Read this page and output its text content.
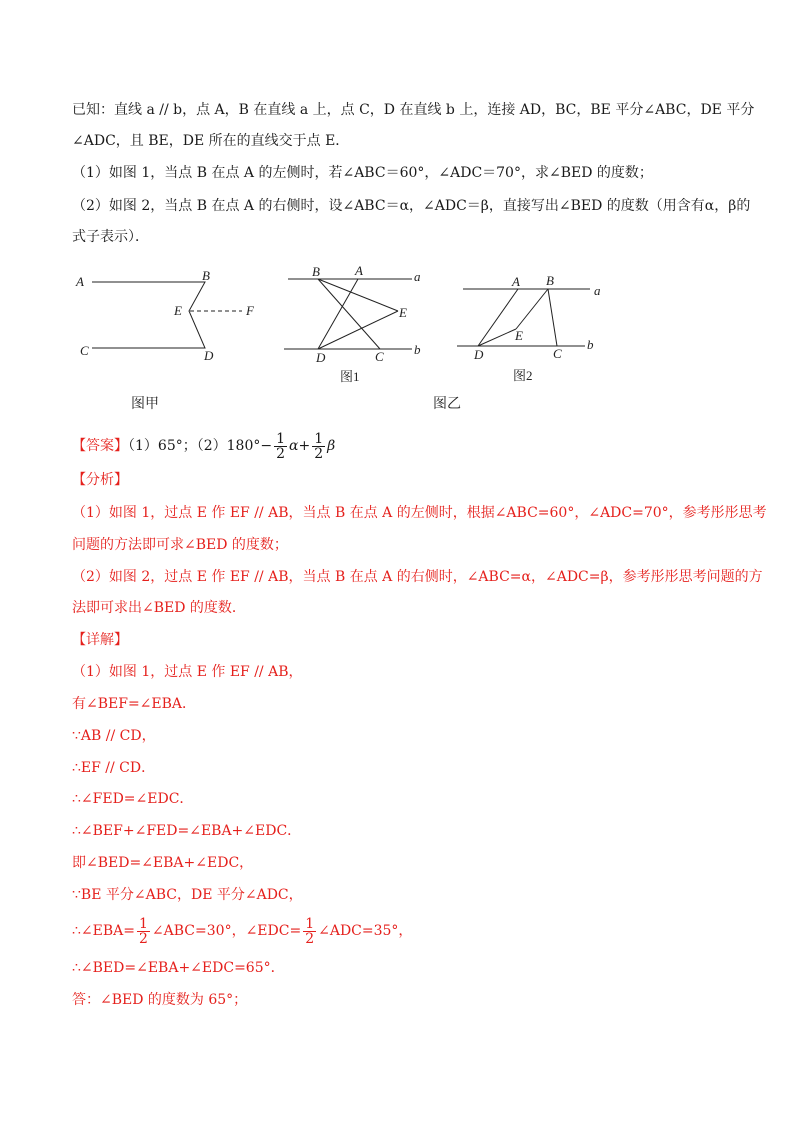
已知：直线 a // b，点 A，B 在直线 a 上，点 C，D 在直线 b 上，连接 AD，BC，BE 平分∠ABC，DE 平分
∠ADC，且 BE，DE 所在的直线交于点 E．
（1）如图 1，当点 B 在点 A 的左侧时，若∠ABC＝60°，∠ADC＝70°，求∠BED 的度数；
（2）如图 2，当点 B 在点 A 的右侧时，设∠ABC＝α，∠ADC＝β，直接写出∠BED 的度数（用含有α，β的
式子表示）．
A	B
E	F
C	D
B	A	a
E
D	C b
图1
A B
a
E
D	C
b
图2
图甲	图乙
【答案】（1）65°；$(2)180^\circ- \frac{1}{2} \alpha+ \frac{1}{2}$ β
【分析】
（1）如图 1，过点 E 作 EF // AB，当点 B 在点 A 的左侧时，根据∠ABC=60°，∠ADC=70°，参考彤彤思考
问题的方法即可求∠BED 的度数；
（2）如图 2，过点 E 作 EF // AB，当点 B 在点 A 的右侧时，∠ABC=α，∠ADC=β，参考彤彤思考问题的方
法即可求出∠BED 的度数．
【详解】
（1）如图 1，过点 E 作 EF // AB，
有∠BEF=∠EBA．
∵AB // CD，
∴EF // CD．
∴∠FED=∠EDC．
∴∠BEF+∠FED=∠EBA+∠EDC．
即∠BED=∠EBA+∠EDC，
∵BE 平分∠ABC，DE 平分∠ADC，
∴∠EBA= $\frac{1}{2}$ ∠ABC=30°，∠EDC= $\frac{1}{2}$ ∠ADC=35°，
∴∠BED=∠EBA+∠EDC=65°．
答：∠BED 的度数为 65°；
